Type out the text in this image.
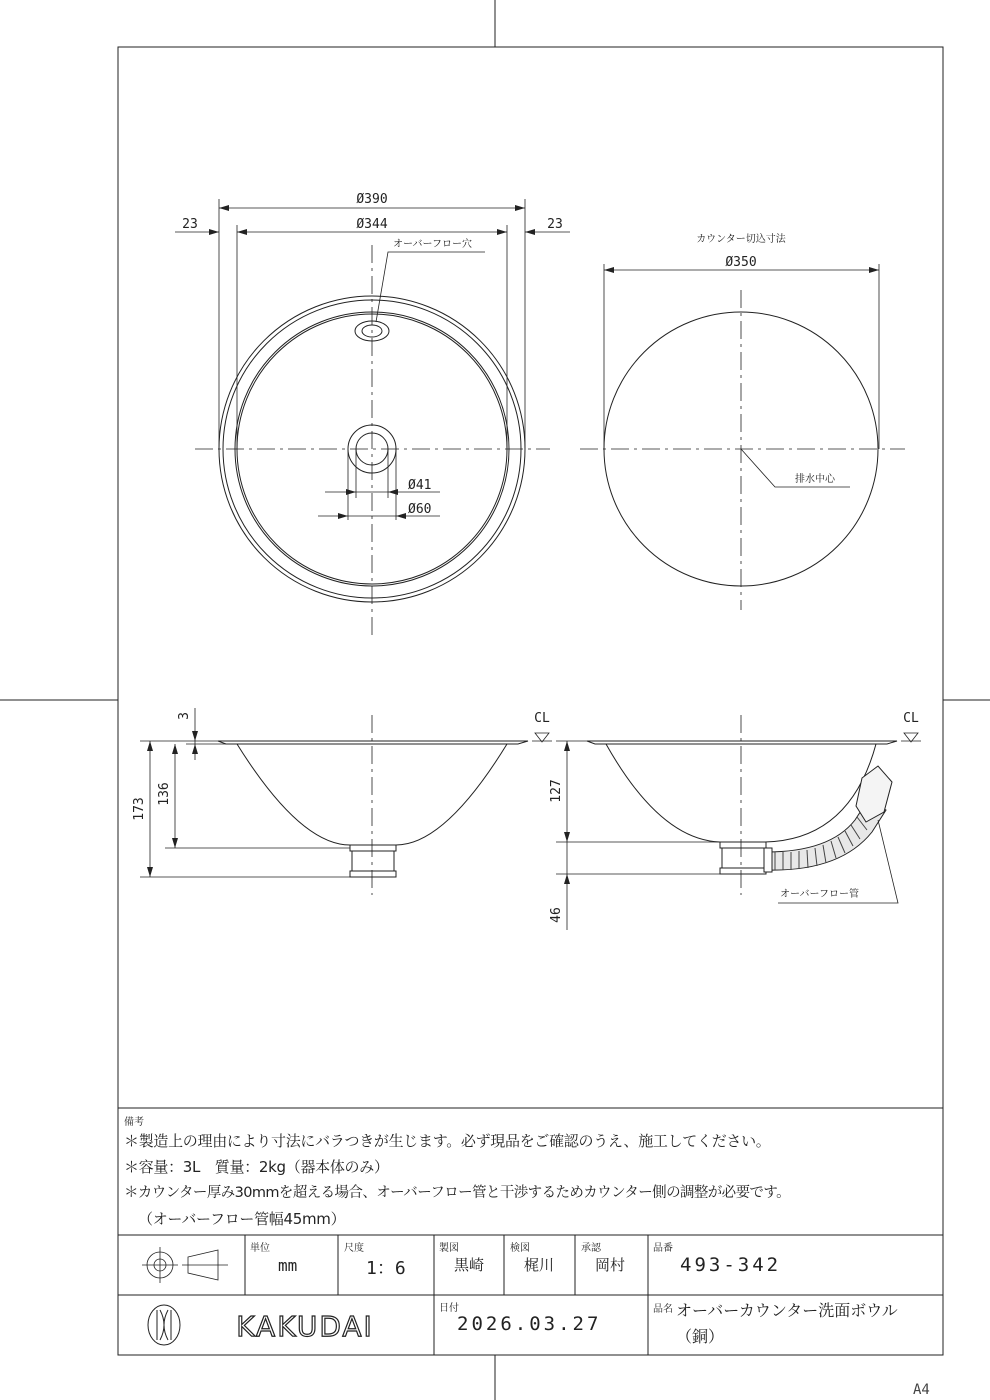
Ø390
Ø344
23	23
オーバーフロー穴
Ø41
Ø60
カウンター切込寸法
Ø350
排水中心
CL
3
136
173
CL
127
46
オーバーフロー管
KAKUDAI
備考
＊製造上の理由により寸法にバラつきが生じます。必ず現品をご確認のうえ、施工してください。
＊容量：3L　質量：2kg（器本体のみ）
＊カウンター厚み30mmを超える場合、オーバーフロー管と干渉するためカウンター側の調整が必要です。
（オーバーフロー管幅45mm）
単位
mm
尺度
1：6
製図
黒崎
検図
梶川
承認
岡村
品番
493-342
日付
2026.03.27
品名 オーバーカウンター洗面ボウル
（銅）
A4
